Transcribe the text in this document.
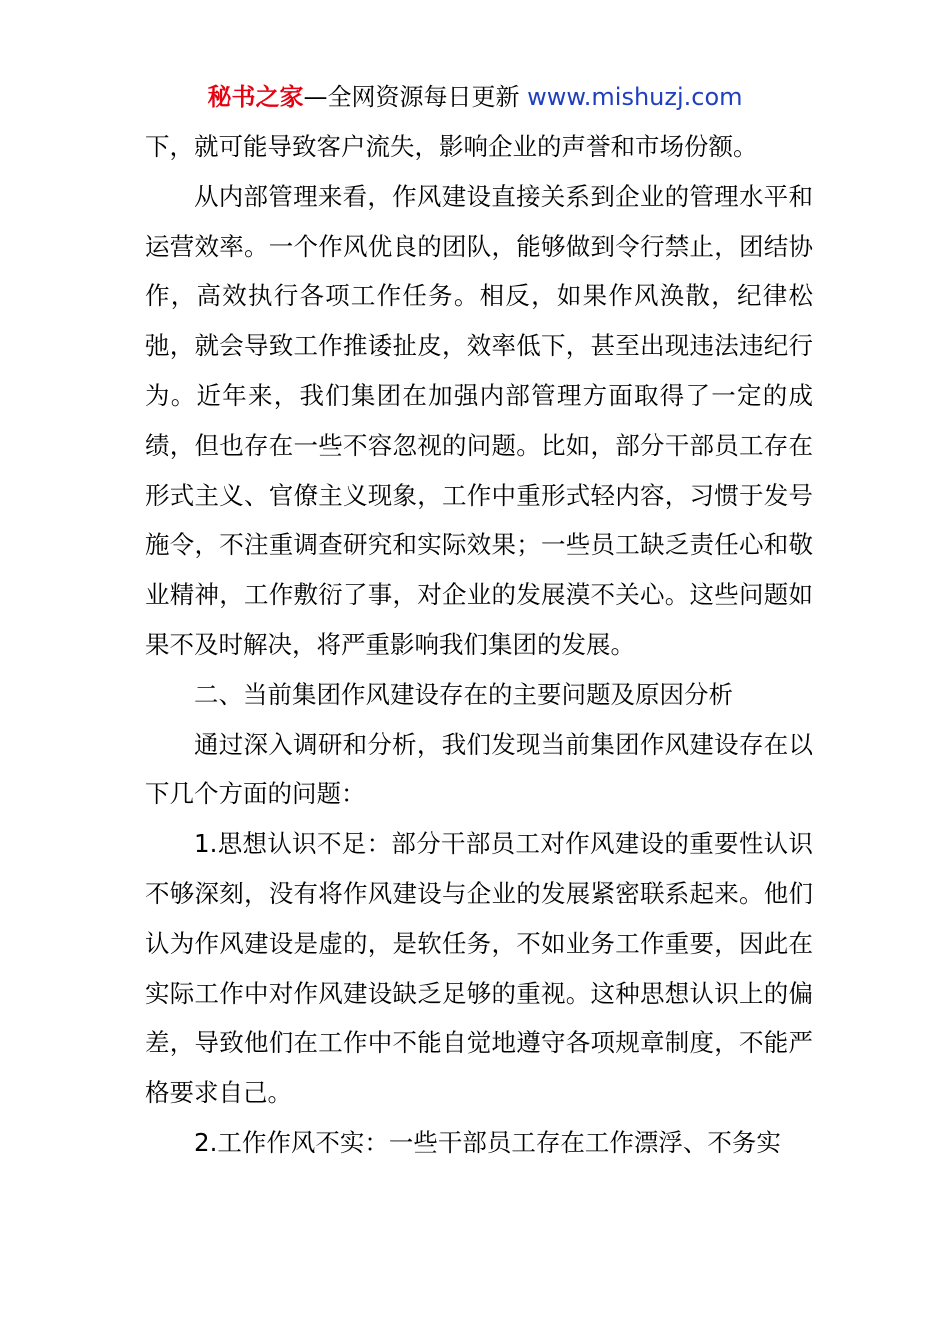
秘书之家—全网资源每日更新 www.mishuzj.com

下，就可能导致客户流失，影响企业的声誉和市场份额。

从内部管理来看，作风建设直接关系到企业的管理水平和运营效率。一个作风优良的团队，能够做到令行禁止，团结协作，高效执行各项工作任务。相反，如果作风涣散，纪律松弛，就会导致工作推诿扯皮，效率低下，甚至出现违法违纪行为。近年来，我们集团在加强内部管理方面取得了一定的成绩，但也存在一些不容忽视的问题。比如，部分干部员工存在形式主义、官僚主义现象，工作中重形式轻内容，习惯于发号施令，不注重调查研究和实际效果；一些员工缺乏责任心和敬业精神，工作敷衍了事，对企业的发展漠不关心。这些问题如果不及时解决，将严重影响我们集团的发展。

二、当前集团作风建设存在的主要问题及原因分析

通过深入调研和分析，我们发现当前集团作风建设存在以下几个方面的问题：

1.思想认识不足：部分干部员工对作风建设的重要性认识不够深刻，没有将作风建设与企业的发展紧密联系起来。他们认为作风建设是虚的，是软任务，不如业务工作重要，因此在实际工作中对作风建设缺乏足够的重视。这种思想认识上的偏差，导致他们在工作中不能自觉地遵守各项规章制度，不能严格要求自己。

2.工作作风不实：一些干部员工存在工作漂浮、不务实
